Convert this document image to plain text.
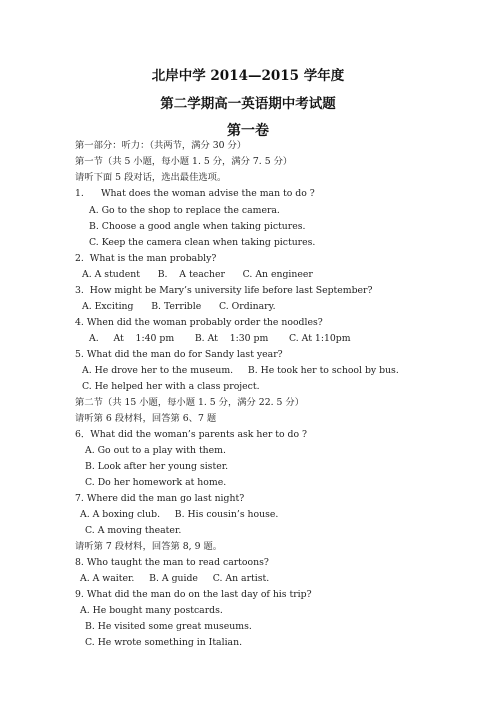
北岸中学 2014—2015 学年度
第二学期高一英语期中考试题
第一卷
第一部分：听力：（共两节，满分 30 分）
第一节（共 5 小题，每小题 1. 5 分，满分 7. 5 分）
请听下面 5 段对话，选出最佳选项。
1. What does the woman advise the man to do ?
A. Go to the shop to replace the camera.
B. Choose a good angle when taking pictures.
C. Keep the camera clean when taking pictures.
2.  What is the man probably?
A. A student      B.    A teacher      C. An engineer
3.  How might be Mary’s university life before last September?
A. Exciting      B. Terrible      C. Ordinary.
4. When did the woman probably order the noodles?
A.     At    1:40 pm       B. At    1:30 pm       C. At 1:10pm
5. What did the man do for Sandy last year?
A. He drove her to the museum.     B. He took her to school by bus.
C. He helped her with a class project.
第二节（共 15 小题，每小题 1. 5 分，满分 22. 5 分）
请听第 6 段材料，回答第 6、7 题
6．What did the woman’s parents ask her to do ?
A. Go out to a play with them.
B. Look after her young sister.
C. Do her homework at home.
7. Where did the man go last night?
A. A boxing club.     B. His cousin’s house.
C. A moving theater.
请听第 7 段材料，回答第 8, 9 题。
8. Who taught the man to read cartoons?
A. A waiter.     B. A guide     C. An artist.
9. What did the man do on the last day of his trip?
A. He bought many postcards.
B. He visited some great museums.
C. He wrote something in Italian.
